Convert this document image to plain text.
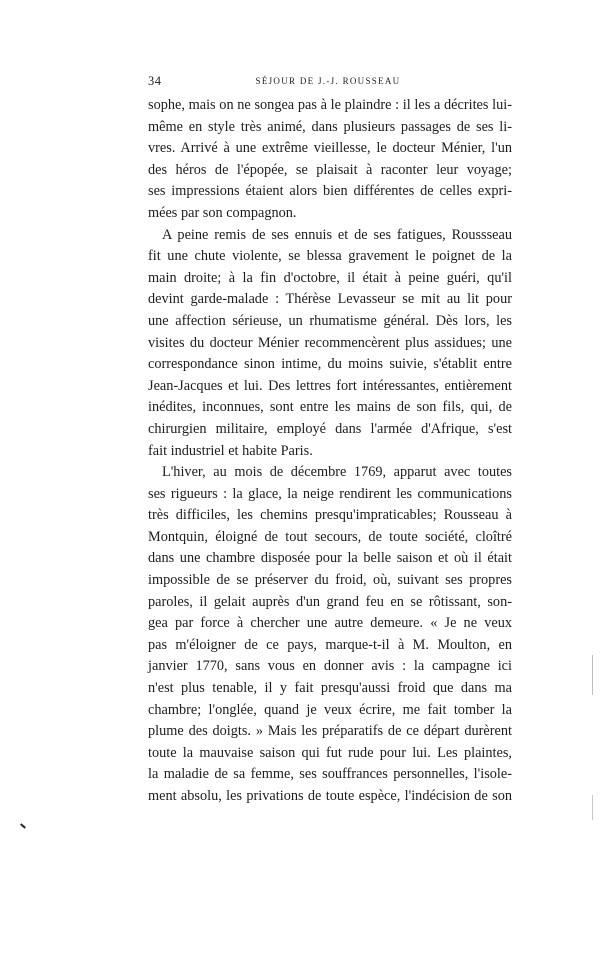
34	SÉJOUR DE J.-J. ROUSSEAU
sophe, mais on ne songea pas à le plaindre : il les a décrites lui-
même en style très animé, dans plusieurs passages de ses li-
vres. Arrivé à une extrême vieillesse, le docteur Ménier, l'un
des héros de l'épopée, se plaisait à raconter leur voyage;
ses impressions étaient alors bien différentes de celles expri-
mées par son compagnon.
A peine remis de ses ennuis et de ses fatigues, Roussseau
fit une chute violente, se blessa gravement le poignet de la
main droite; à la fin d'octobre, il était à peine guéri, qu'il
devint garde-malade : Thérèse Levasseur se mit au lit pour
une affection sérieuse, un rhumatisme général. Dès lors, les
visites du docteur Ménier recommencèrent plus assidues; une
correspondance sinon intime, du moins suivie, s'établit entre
Jean-Jacques et lui. Des lettres fort intéressantes, entièrement
inédites, inconnues, sont entre les mains de son fils, qui, de
chirurgien militaire, employé dans l'armée d'Afrique, s'est
fait industriel et habite Paris.
L'hiver, au mois de décembre 1769, apparut avec toutes
ses rigueurs : la glace, la neige rendirent les communications
très difficiles, les chemins presqu'impraticables; Rousseau à
Montquin, éloigné de tout secours, de toute société, cloîtré
dans une chambre disposée pour la belle saison et où il était
impossible de se préserver du froid, où, suivant ses propres
paroles, il gelait auprès d'un grand feu en se rôtissant, son-
gea par force à chercher une autre demeure. « Je ne veux
pas m'éloigner de ce pays, marque-t-il à M. Moulton, en
janvier 1770, sans vous en donner avis : la campagne ici
n'est plus tenable, il y fait presqu'aussi froid que dans ma
chambre; l'onglée, quand je veux écrire, me fait tomber la
plume des doigts. » Mais les préparatifs de ce départ durèrent
toute la mauvaise saison qui fut rude pour lui. Les plaintes,
la maladie de sa femme, ses souffrances personnelles, l'isole-
ment absolu, les privations de toute espèce, l'indécision de son
